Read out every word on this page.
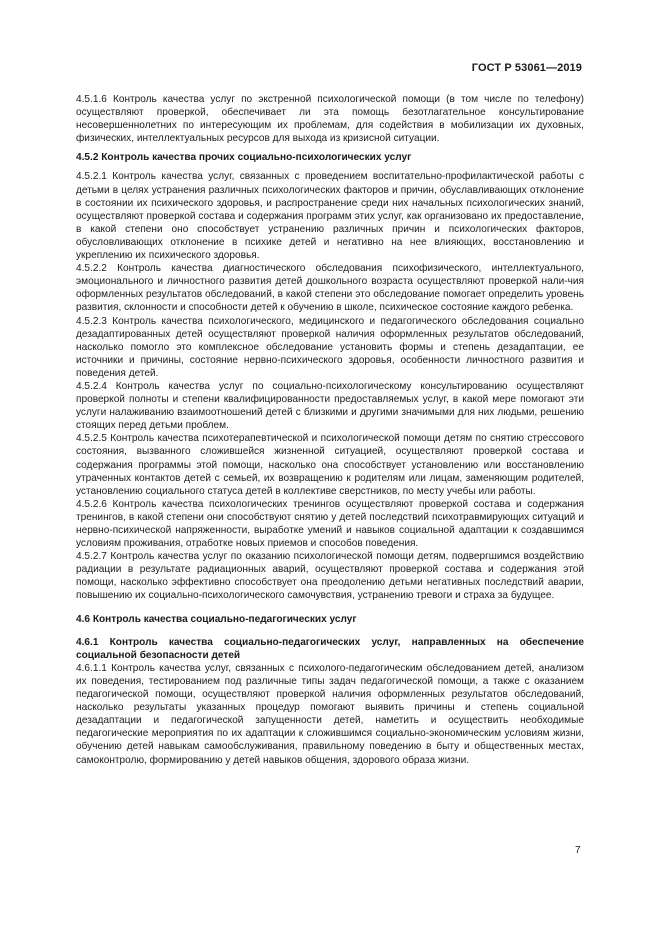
ГОСТ Р 53061—2019

4.5.1.6 Контроль качества услуг по экстренной психологической помощи (в том числе по телефону) осуществляют проверкой, обеспечивает ли эта помощь безотлагательное консультирование несовершеннолетних по интересующим их проблемам, для содействия в мобилизации их духовных, физических, интеллектуальных ресурсов для выхода из кризисной ситуации.

4.5.2 Контроль качества прочих социально-психологических услуг

4.5.2.1 Контроль качества услуг, связанных с проведением воспитательно-профилактической работы с детьми в целях устранения различных психологических факторов и причин, обуславливающих отклонение в состоянии их психического здоровья, и распространение среди них начальных психологических знаний, осуществляют проверкой состава и содержания программ этих услуг, как организовано их предоставление, в какой степени оно способствует устранению различных причин и психологических факторов, обусловливающих отклонение в психике детей и негативно на нее влияющих, восстановлению и укреплению их психического здоровья.

4.5.2.2 Контроль качества диагностического обследования психофизического, интеллектуального, эмоционального и личностного развития детей дошкольного возраста осуществляют проверкой нали-чия оформленных результатов обследований, в какой степени это обследование помогает определить уровень развития, склонности и способности детей к обучению в школе, психическое состояние каждого ребенка.

4.5.2.3 Контроль качества психологического, медицинского и педагогического обследования социально дезадаптированных детей осуществляют проверкой наличия оформленных результатов обследований, насколько помогло это комплексное обследование установить формы и степень дезадаптации, ее источники и причины, состояние нервно-психического здоровья, особенности личностного развития и поведения детей.

4.5.2.4 Контроль качества услуг по социально-психологическому консультированию осуществляют проверкой полноты и степени квалифицированности предоставляемых услуг, в какой мере помогают эти услуги налаживанию взаимоотношений детей с близкими и другими значимыми для них людьми, решению стоящих перед детьми проблем.

4.5.2.5 Контроль качества психотерапевтической и психологической помощи детям по снятию стрессового состояния, вызванного сложившейся жизненной ситуацией, осуществляют проверкой состава и содержания программы этой помощи, насколько она способствует установлению или восстановлению утраченных контактов детей с семьей, их возвращению к родителям или лицам, заменяющим родителей, установлению социального статуса детей в коллективе сверстников, по месту учебы или работы.

4.5.2.6 Контроль качества психологических тренингов осуществляют проверкой состава и содержания тренингов, в какой степени они способствуют снятию у детей последствий психотравмирующих ситуаций и нервно-психической напряженности, выработке умений и навыков социальной адаптации к создавшимся условиям проживания, отработке новых приемов и способов поведения.

4.5.2.7 Контроль качества услуг по оказанию психологической помощи детям, подвергшимся воздействию радиации в результате радиационных аварий, осуществляют проверкой состава и содержания этой помощи, насколько эффективно способствует она преодолению детьми негативных последствий аварии, повышению их социально-психологического самочувствия, устранению тревоги и страха за будущее.

4.6 Контроль качества социально-педагогических услуг
4.6.1 Контроль качества социально-педагогических услуг, направленных на обеспечение социальной безопасности детей

4.6.1.1 Контроль качества услуг, связанных с психолого-педагогическим обследованием детей, анализом их поведения, тестированием под различные типы задач педагогической помощи, а также с оказанием педагогической помощи, осуществляют проверкой наличия оформленных результатов обследований, насколько результаты указанных процедур помогают выявить причины и степень социальной дезадаптации и педагогической запущенности детей, наметить и осуществить необходимые педагогические мероприятия по их адаптации к сложившимся социально-экономическим условиям жизни, обучению детей навыкам самообслуживания, правильному поведению в быту и общественных местах, самоконтролю, формированию у детей навыков общения, здорового образа жизни.

7
